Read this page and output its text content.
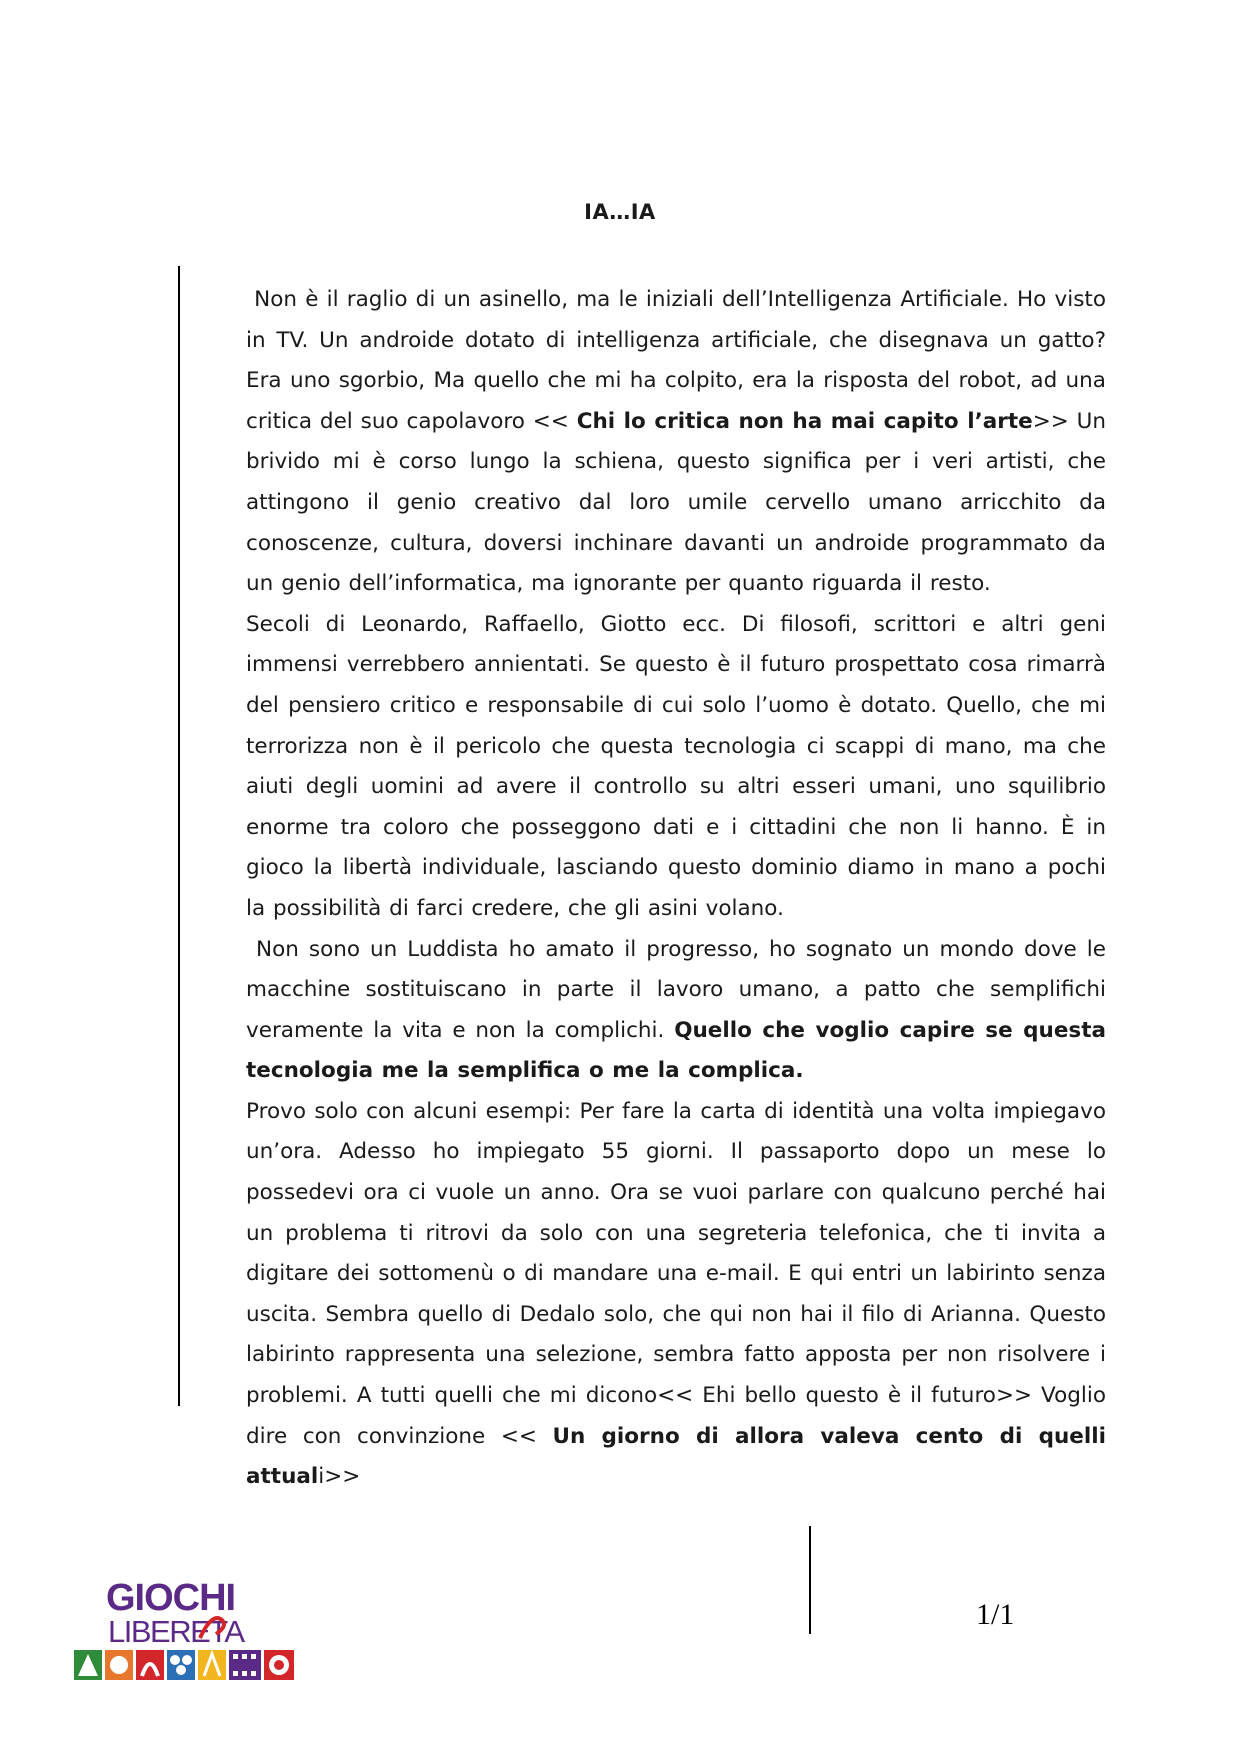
IA…IA

Non è il raglio di un asinello, ma le iniziali dell’Intelligenza Artificiale. Ho visto in TV. Un androide dotato di intelligenza artificiale, che disegnava un gatto? Era uno sgorbio, Ma quello che mi ha colpito, era la risposta del robot, ad una critica del suo capolavoro << Chi lo critica non ha mai capito l’arte>> Un brivido mi è corso lungo la schiena, questo significa per i veri artisti, che attingono il genio creativo dal loro umile cervello umano arricchito da conoscenze, cultura, doversi inchinare davanti un androide programmato da un genio dell’informatica, ma ignorante per quanto riguarda il resto.

Secoli di Leonardo, Raffaello, Giotto ecc. Di filosofi, scrittori e altri geni immensi verrebbero annientati. Se questo è il futuro prospettato cosa rimarrà del pensiero critico e responsabile di cui solo l’uomo è dotato. Quello, che mi terrorizza non è il pericolo che questa tecnologia ci scappi di mano, ma che aiuti degli uomini ad avere il controllo su altri esseri umani, uno squilibrio enorme tra coloro che posseggono dati e i cittadini che non li hanno. È in gioco la libertà individuale, lasciando questo dominio diamo in mano a pochi la possibilità di farci credere, che gli asini volano.

Non sono un Luddista ho amato il progresso, ho sognato un mondo dove le macchine sostituiscano in parte il lavoro umano, a patto che semplifichi veramente la vita e non la complichi. Quello che voglio capire se questa tecnologia me la semplifica o me la complica.

Provo solo con alcuni esempi: Per fare la carta di identità una volta impiegavo un’ora. Adesso ho impiegato 55 giorni. Il passaporto dopo un mese lo possedevi ora ci vuole un anno. Ora se vuoi parlare con qualcuno perché hai un problema ti ritrovi da solo con una segreteria telefonica, che ti invita a digitare dei sottomenù o di mandare una e-mail. E qui entri un labirinto senza uscita. Sembra quello di Dedalo solo, che qui non hai il filo di Arianna. Questo labirinto rappresenta una selezione, sembra fatto apposta per non risolvere i problemi. A tutti quelli che mi dicono<< Ehi bello questo è il futuro>> Voglio dire con convinzione << Un giorno di allora valeva cento di quelli attuali>>

1/1
GIOCHI
LIBERETA
